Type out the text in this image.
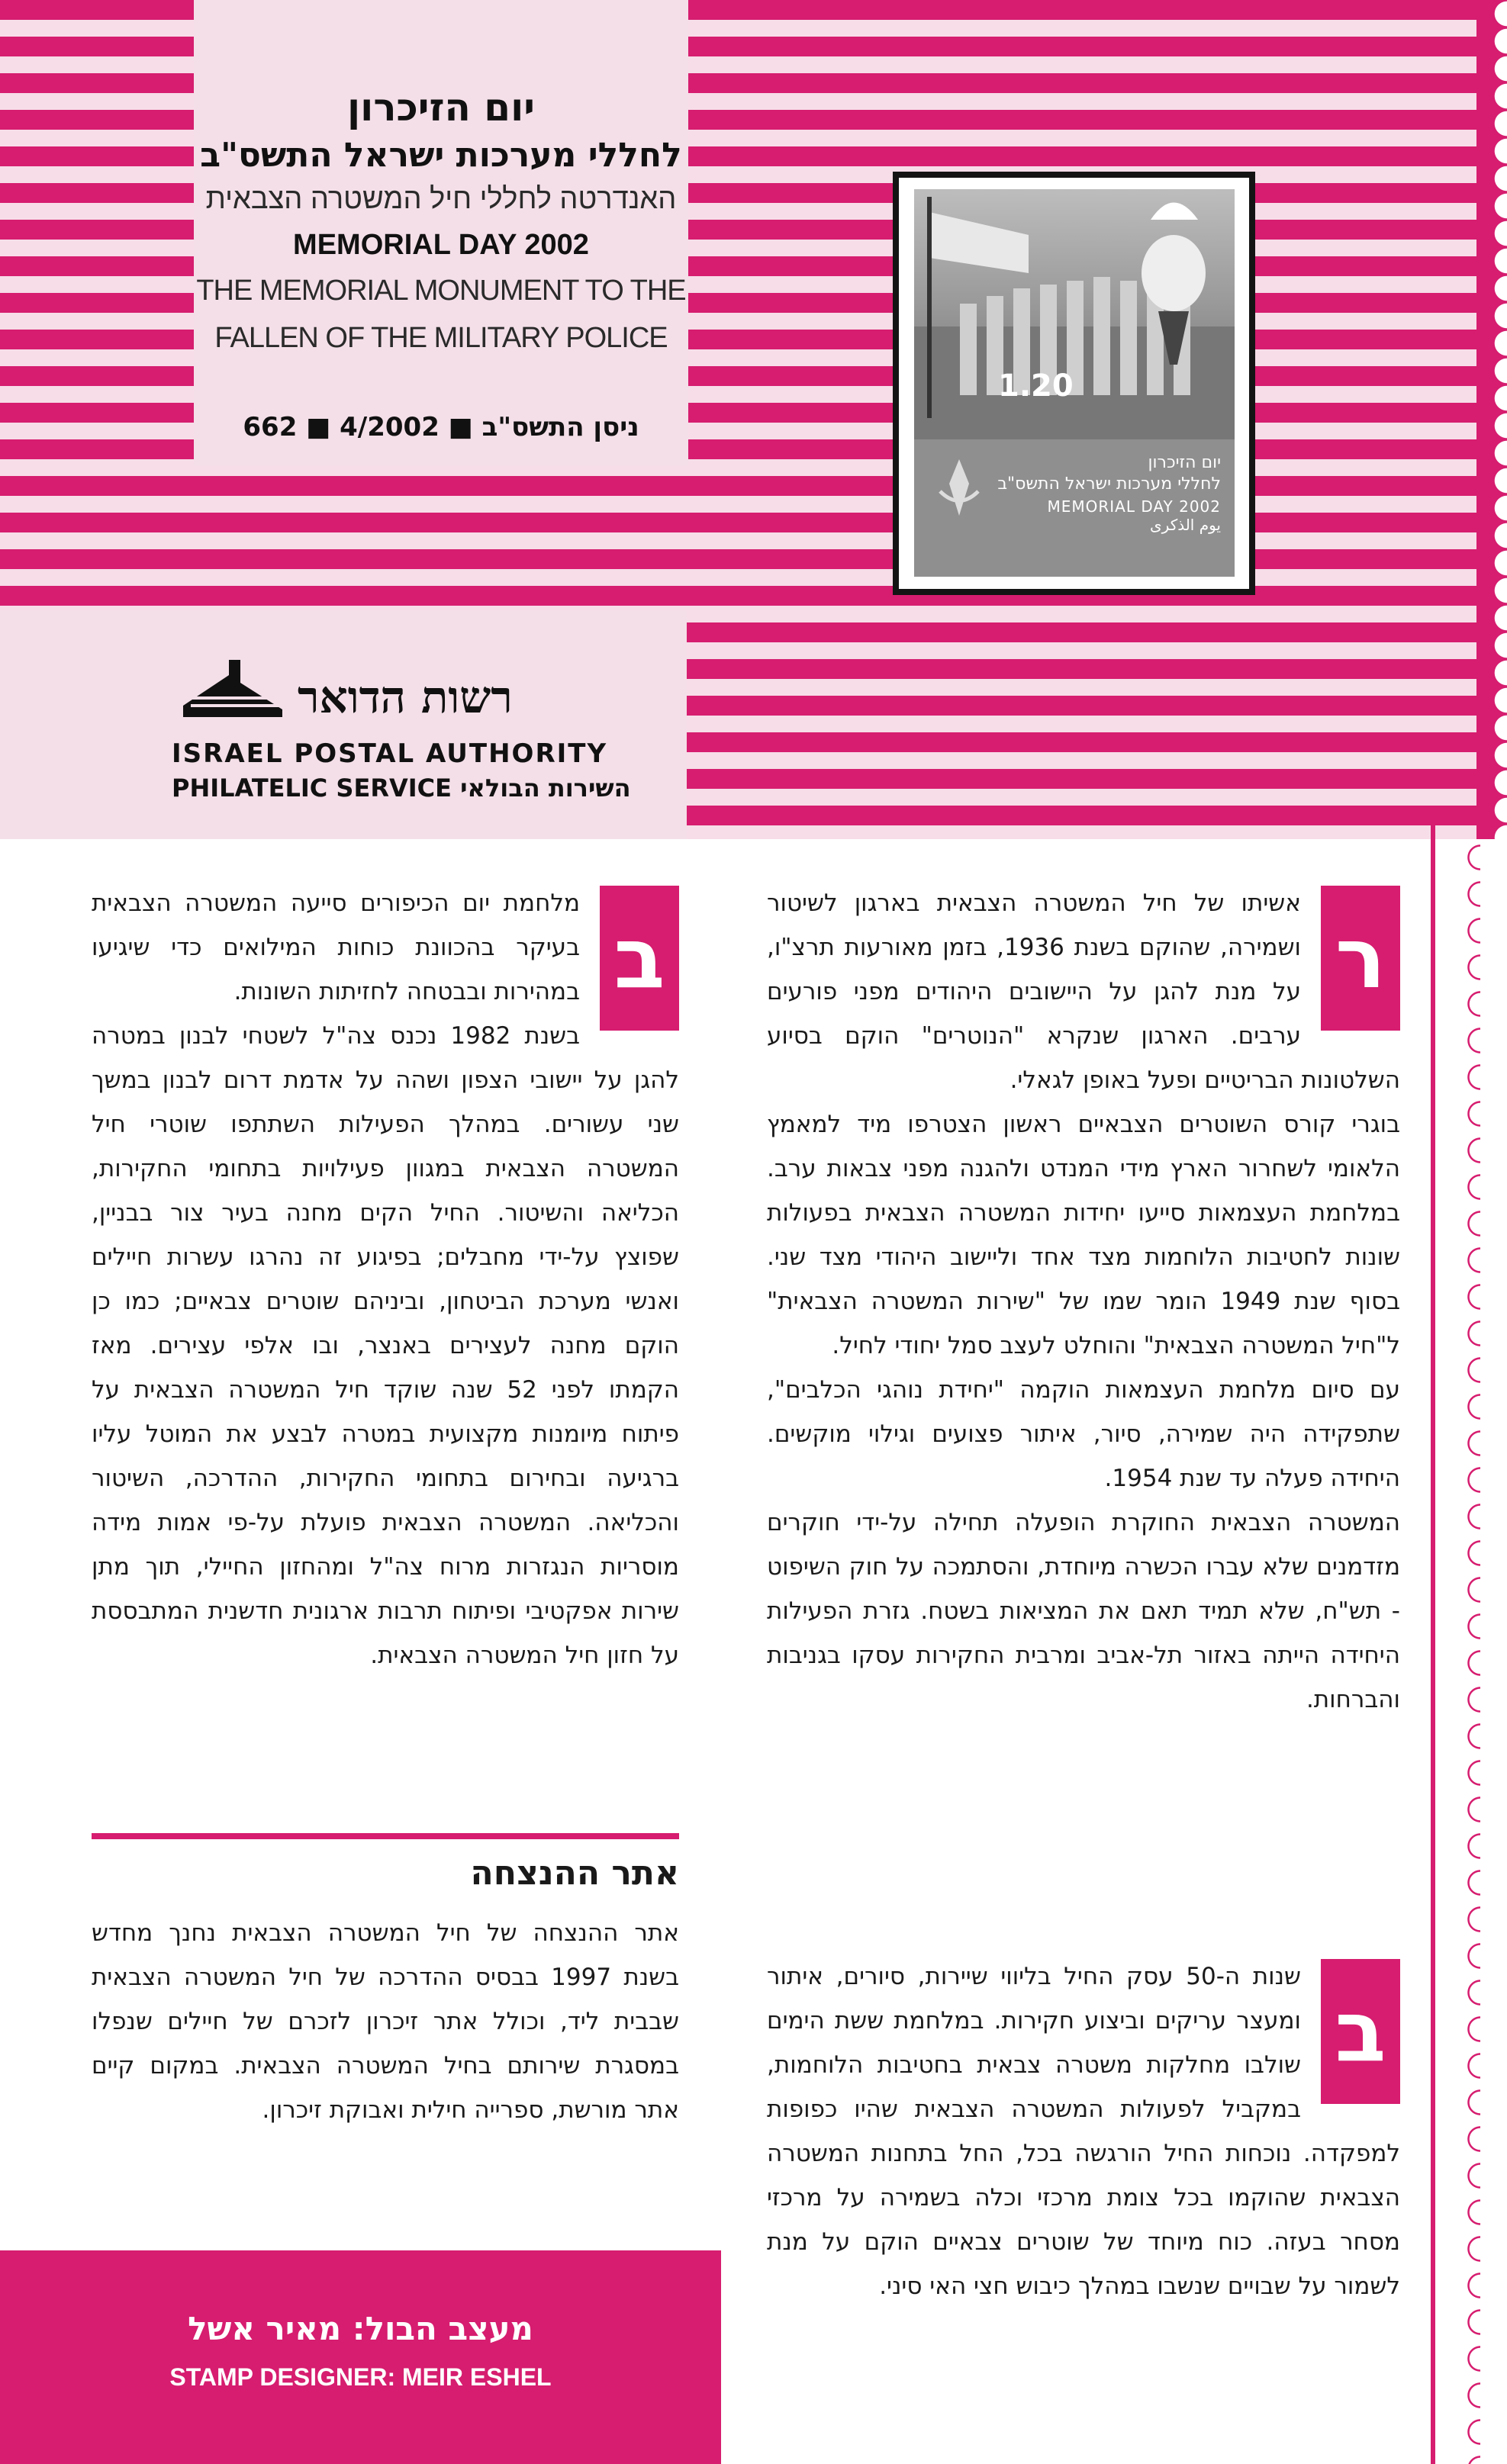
יום הזיכרון
לחללי מערכות ישראל התשס"ב
האנדרטה לחללי חיל המשטרה הצבאית
MEMORIAL DAY 2002
THE MEMORIAL MONUMENT TO THE
FALLEN OF THE MILITARY POLICE
662 ■ 4/2002 ■ ניסן התשס"ב
רשות הדואר
ISRAEL POSTAL AUTHORITY
PHILATELIC SERVICE השירות הבולאי
1.20
יום הזיכרון
לחללי מערכות ישראל התשס"ב
MEMORIAL DAY 2002
يوم الذكرى
ר

אשיתו של חיל המשטרה הצבאית בארגון לשיטור ושמירה, שהוקם בשנת 1936, בזמן מאורעות תרצ"ו, על מנת להגן על היישובים היהודים מפני פורעים ערבים. הארגון שנקרא "הנוטרים" הוקם בסיוע השלטונות הבריטיים ופעל באופן לגאלי.

בוגרי קורס השוטרים הצבאיים ראשון הצטרפו מיד למאמץ הלאומי לשחרור הארץ מידי המנדט ולהגנה מפני צבאות ערב. במלחמת העצמאות סייעו יחידות המשטרה הצבאית בפעולות שונות לחטיבות הלוחמות מצד אחד וליישוב היהודי מצד שני. בסוף שנת 1949 הומר שמו של "שירות המשטרה הצבאית" ל"חיל המשטרה הצבאית" והוחלט לעצב סמל יחודי לחיל.

עם סיום מלחמת העצמאות הוקמה "יחידת נוהגי הכלבים", שתפקידה היה שמירה, סיור, איתור פצועים וגילוי מוקשים. היחידה פעלה עד שנת 1954.

המשטרה הצבאית החוקרת הופעלה תחילה על-ידי חוקרים מזדמנים שלא עברו הכשרה מיוחדת, והסתמכה על חוק השיפוט - תש"ח, שלא תמיד תאם את המציאות בשטח. גזרת הפעילות היחידה הייתה באזור תל-אביב ומרבית החקירות עסקו בגניבות והברחות.

ב

שנות ה-50 עסק החיל בליווי שיירות, סיורים, איתור ומעצר עריקים וביצוע חקירות. במלחמת ששת הימים שולבו מחלקות משטרה צבאית בחטיבות הלוחמות, במקביל לפעולות המשטרה הצבאית שהיו כפופות למפקדה. נוכחות החיל הורגשה בכל, החל בתחנות המשטרה הצבאית שהוקמו בכל צומת מרכזי וכלה בשמירה על מרכזי מסחר בעזה. כוח מיוחד של שוטרים צבאיים הוקם על מנת לשמור על שבויים שנשבו במהלך כיבוש חצי האי סיני.

ב

מלחמת יום הכיפורים סייעה המשטרה הצבאית בעיקר בהכוונת כוחות המילואים כדי שיגיעו במהירות ובבטחה לחזיתות השונות.

בשנת 1982 נכנס צה"ל לשטחי לבנון במטרה להגן על יישובי הצפון ושהה על אדמת דרום לבנון במשך שני עשורים. במהלך הפעילות השתתפו שוטרי חיל המשטרה הצבאית במגוון פעילויות בתחומי החקירות, הכליאה והשיטור. החיל הקים מחנה בעיר צור בבניין, שפוצץ על-ידי מחבלים; בפיגוע זה נהרגו עשרות חיילים ואנשי מערכת הביטחון, וביניהם שוטרים צבאיים; כמו כן הוקם מחנה לעצירים באנצר, ובו אלפי עצירים. מאז הקמתו לפני 52 שנה שוקד חיל המשטרה הצבאית על פיתוח מיומנות מקצועית במטרה לבצע את המוטל עליו ברגיעה ובחירום בתחומי החקירות, ההדרכה, השיטור והכליאה. המשטרה הצבאית פועלת על-פי אמות מידה מוסריות הנגזרות מרוח צה"ל ומהחזון החיילי, תוך מתן שירות אפקטיבי ופיתוח תרבות ארגונית חדשנית המתבססת על חזון חיל המשטרה הצבאית.

אתר ההנצחה

אתר ההנצחה של חיל המשטרה הצבאית נחנך מחדש בשנת 1997 בבסיס ההדרכה של חיל המשטרה הצבאית שבבית ליד, וכולל אתר זיכרון לזכרם של חיילים שנפלו במסגרת שירותם בחיל המשטרה הצבאית. במקום קיים אתר מורשת, ספרייה חילית ואבוקת זיכרון.

מעצב הבול: מאיר אשל
STAMP DESIGNER: MEIR ESHEL
